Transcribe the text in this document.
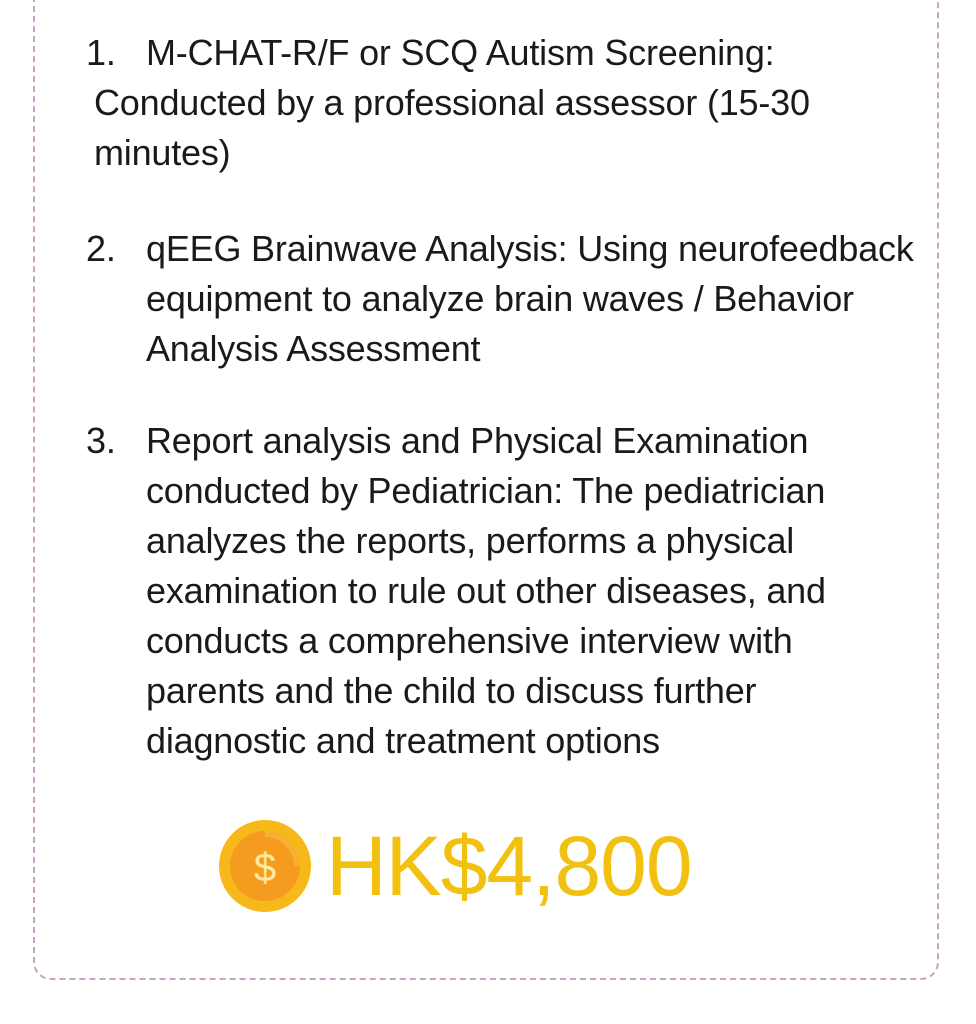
1. M-CHAT-R/F or SCQ Autism Screening:
Conducted by a professional assessor (15-30 minutes)
2. qEEG Brainwave Analysis: Using neurofeedback equipment to analyze brain waves / Behavior Analysis Assessment
3. Report analysis and Physical Examination conducted by Pediatrician: The pediatrician analyzes the reports, performs a physical examination to rule out other diseases, and conducts a comprehensive interview with parents and the child to discuss further diagnostic and treatment options
$ HK$4,800
